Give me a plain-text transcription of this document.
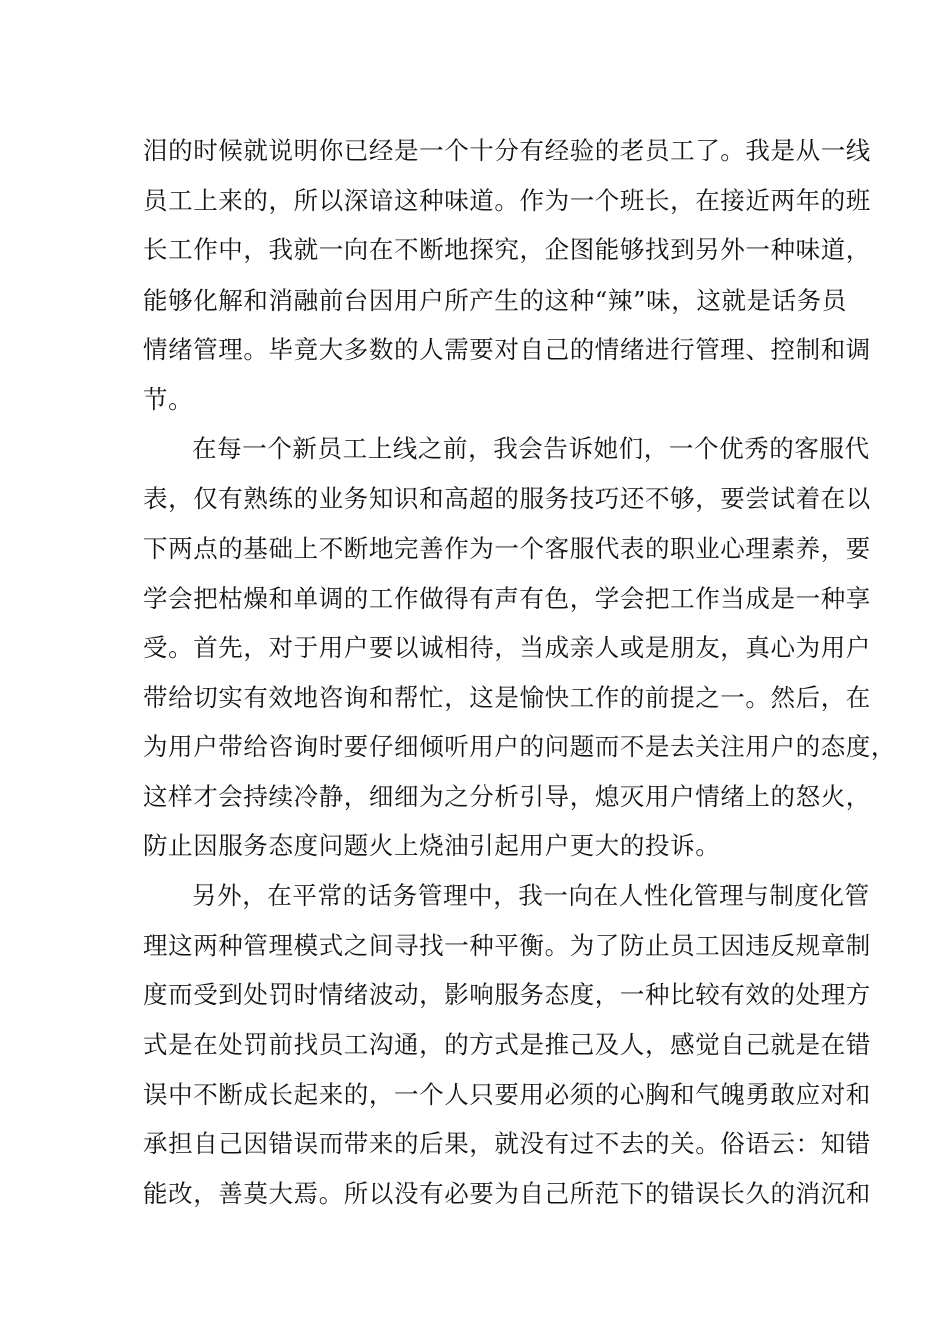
泪的时候就说明你已经是一个十分有经验的老员工了。我是从一线
员工上来的，所以深谙这种味道。作为一个班长，在接近两年的班
长工作中，我就一向在不断地探究，企图能够找到另外一种味道，
能够化解和消融前台因用户所产生的这种“辣”味，这就是话务员
情绪管理。毕竟大多数的人需要对自己的情绪进行管理、控制和调
节。
在每一个新员工上线之前，我会告诉她们，一个优秀的客服代
表，仅有熟练的业务知识和高超的服务技巧还不够，要尝试着在以
下两点的基础上不断地完善作为一个客服代表的职业心理素养，要
学会把枯燥和单调的工作做得有声有色，学会把工作当成是一种享
受。首先，对于用户要以诚相待，当成亲人或是朋友，真心为用户
带给切实有效地咨询和帮忙，这是愉快工作的前提之一。然后，在
为用户带给咨询时要仔细倾听用户的问题而不是去关注用户的态度，
这样才会持续冷静，细细为之分析引导，熄灭用户情绪上的怒火，
防止因服务态度问题火上烧油引起用户更大的投诉。
另外，在平常的话务管理中，我一向在人性化管理与制度化管
理这两种管理模式之间寻找一种平衡。为了防止员工因违反规章制
度而受到处罚时情绪波动，影响服务态度，一种比较有效的处理方
式是在处罚前找员工沟通，的方式是推己及人，感觉自己就是在错
误中不断成长起来的，一个人只要用必须的心胸和气魄勇敢应对和
承担自己因错误而带来的后果，就没有过不去的关。俗语云：知错
能改，善莫大焉。所以没有必要为自己所范下的错误长久的消沉和
